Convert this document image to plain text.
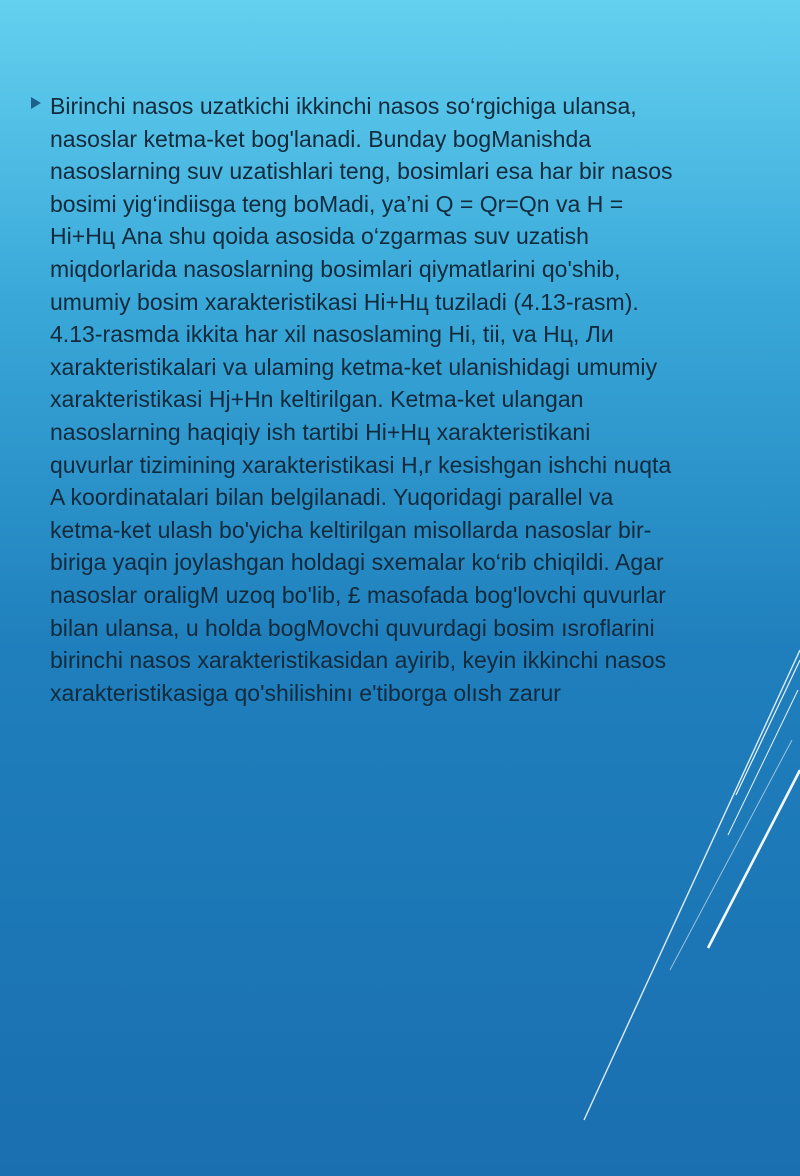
Birinchi nasos uzatkichi ikkinchi nasos so‘rgichiga ulansa,
nasoslar ketma-ket bog'lanadi. Bunday bogManishda
nasoslarning suv uzatishlari teng, bosimlari esa har bir nasos
bosimi yig‘indiisga teng boMadi, ya’ni Q = Qr=Qn va H =
Hi+Hц Ana shu qoida asosida o‘zgarmas suv uzatish
miqdorlarida nasoslarning bosimlari qiymatlarini qo'shib,
umumiy bosim xarakteristikasi Hi+Hц tuziladi (4.13-rasm).
4.13-rasmda ikkita har xil nasoslaming Hi, tii, va Hц, Ли
xarakteristikalari va ulaming ketma-ket ulanishidagi umumiy
xarakteristikasi Hj+Hn keltirilgan. Ketma-ket ulangan
nasoslarning haqiqiy ish tartibi Hi+Hц xarakteristikani
quvurlar tizimining xarakteristikasi H,r kesishgan ishchi nuqta
A koordinatalari bilan belgilanadi. Yuqoridagi parallel va
ketma-ket ulash bo'yicha keltirilgan misollarda nasoslar bir-
biriga yaqin joylashgan holdagi sxemalar ko‘rib chiqildi. Agar
nasoslar oraligM uzoq bo'lib, £ masofada bog'lovchi quvurlar
bilan ulansa, u holda bogMovchi quvurdagi bosim ısroflarini
birinchi nasos xarakteristikasidan ayirib, keyin ikkinchi nasos
xarakteristikasiga qo'shilishinı e'tiborga olısh zarur
